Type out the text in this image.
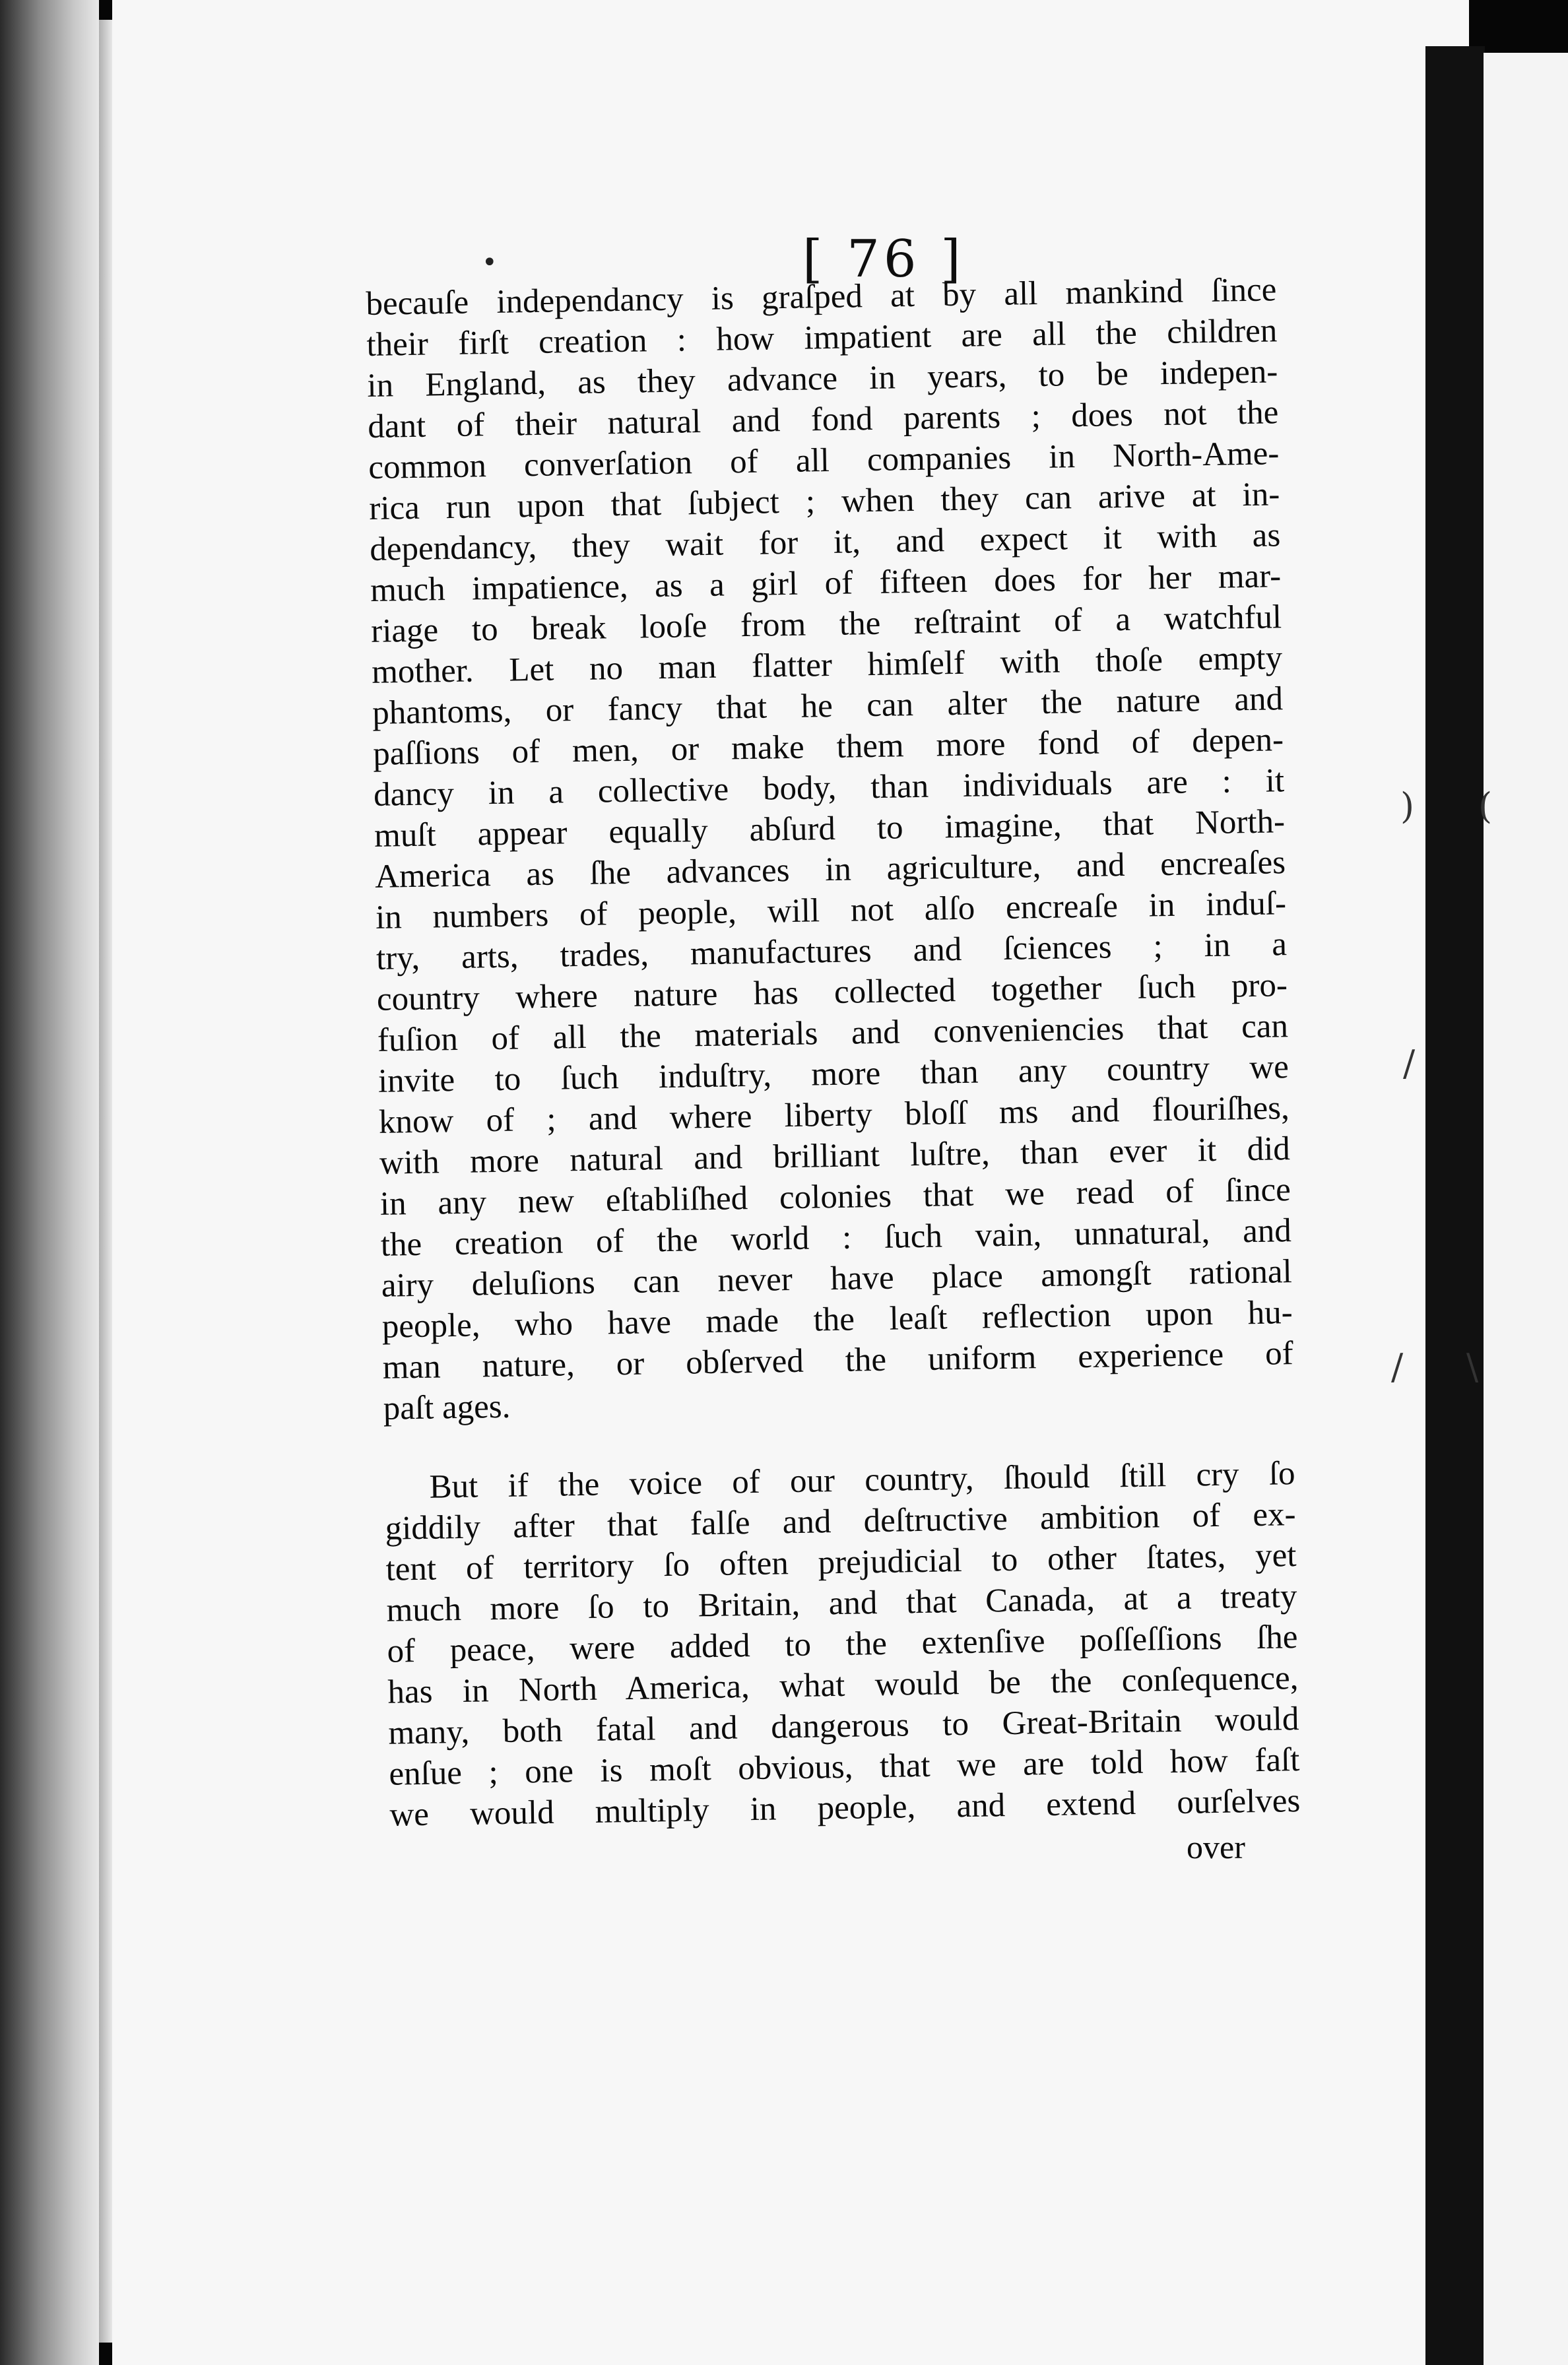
•	[ 76 ]
becauſe independancy is graſped at by all mankind ſince
their firſt creation : how impatient are all the children
in England, as they advance in years, to be indepen-
dant of their natural and fond parents ; does not the
common converſation of all companies in North-Ame-
rica run upon that ſubject ; when they can arive at in-
dependancy, they wait for it, and expect it with as
much impatience, as a girl of fifteen does for her mar-
riage to break looſe from the reſtraint of a watchful
mother. Let no man flatter himſelf with thoſe empty
phantoms, or fancy that he can alter the nature and
paſſions of men, or make them more fond of depen-
dancy in a collective body, than individuals are : it
muſt appear equally abſurd to imagine, that North-
America as ſhe advances in agriculture, and encreaſes
in numbers of people, will not alſo encreaſe in induſ-
try, arts, trades, manufactures and ſciences ; in a
country where nature has collected together ſuch pro-
fuſion of all the materials and conveniencies that can
invite to ſuch induſtry, more than any country we
know of ; and where liberty bloſſ ms and flouriſhes,
with more natural and brilliant luſtre, than ever it did
in any new eſtabliſhed colonies that we read of ſince
the creation of the world : ſuch vain, unnatural, and
airy deluſions can never have place amongſt rational
people, who have made the leaſt reflection upon hu-
man nature, or obſerved the uniform experience of
paſt ages.
But if the voice of our country, ſhould ſtill cry ſo
giddily after that falſe and deſtructive ambition of ex-
tent of territory ſo often prejudicial to other ſtates, yet
much more ſo to Britain, and that Canada, at a treaty
of peace, were added to the extenſive poſſeſſions ſhe
has in North America, what would be the conſequence,
many, both fatal and dangerous to Great-Britain would
enſue ; one is moſt obvious, that we are told how faſt
we would multiply in people, and extend ourſelves
over
) (
/
/ \
